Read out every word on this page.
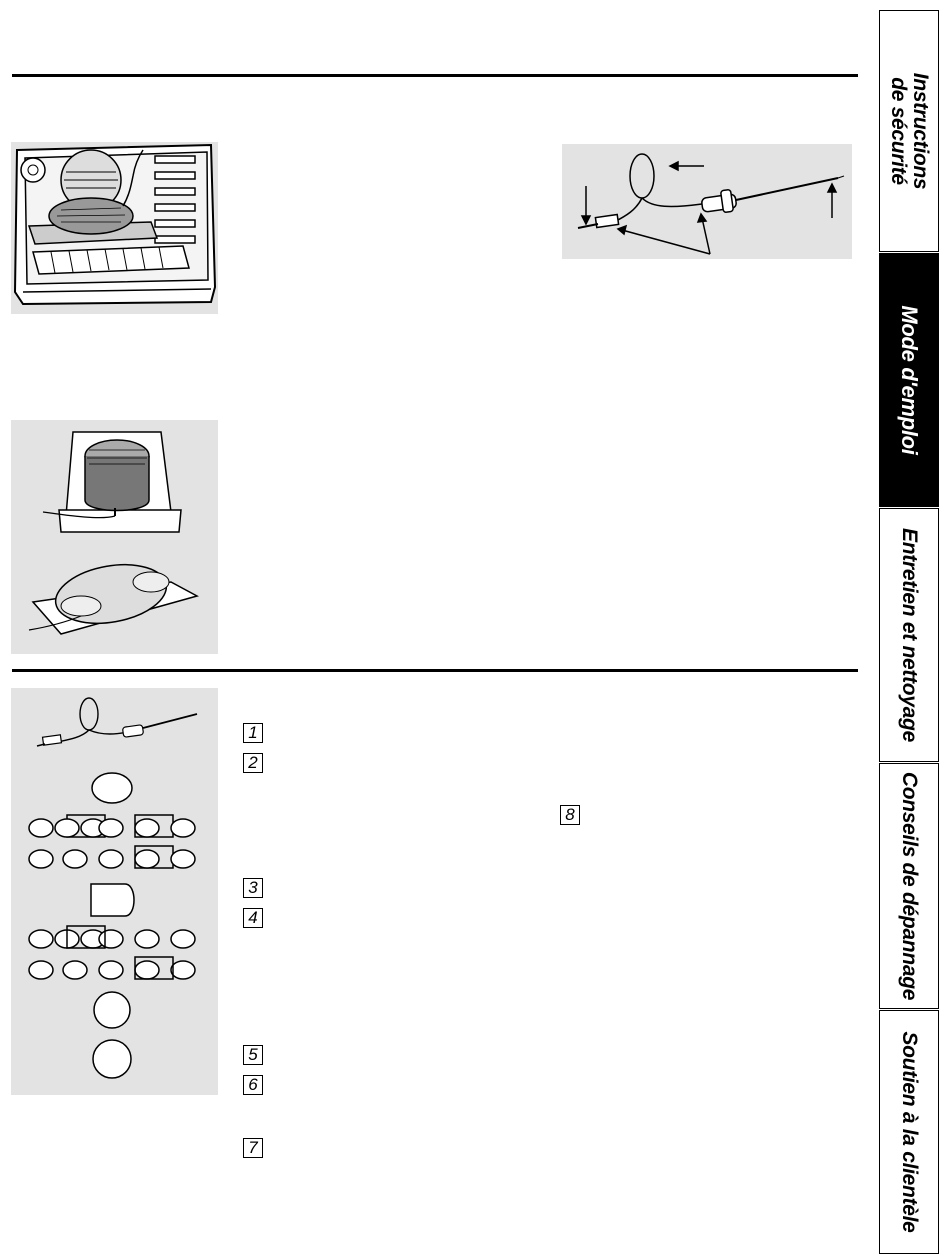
1
2
8
3
4
5
6
7
Instructions
de sécurité
Mode d'emploi
Entretien et nettoyage
Conseils de dépannage
Soutien à la clientèle
